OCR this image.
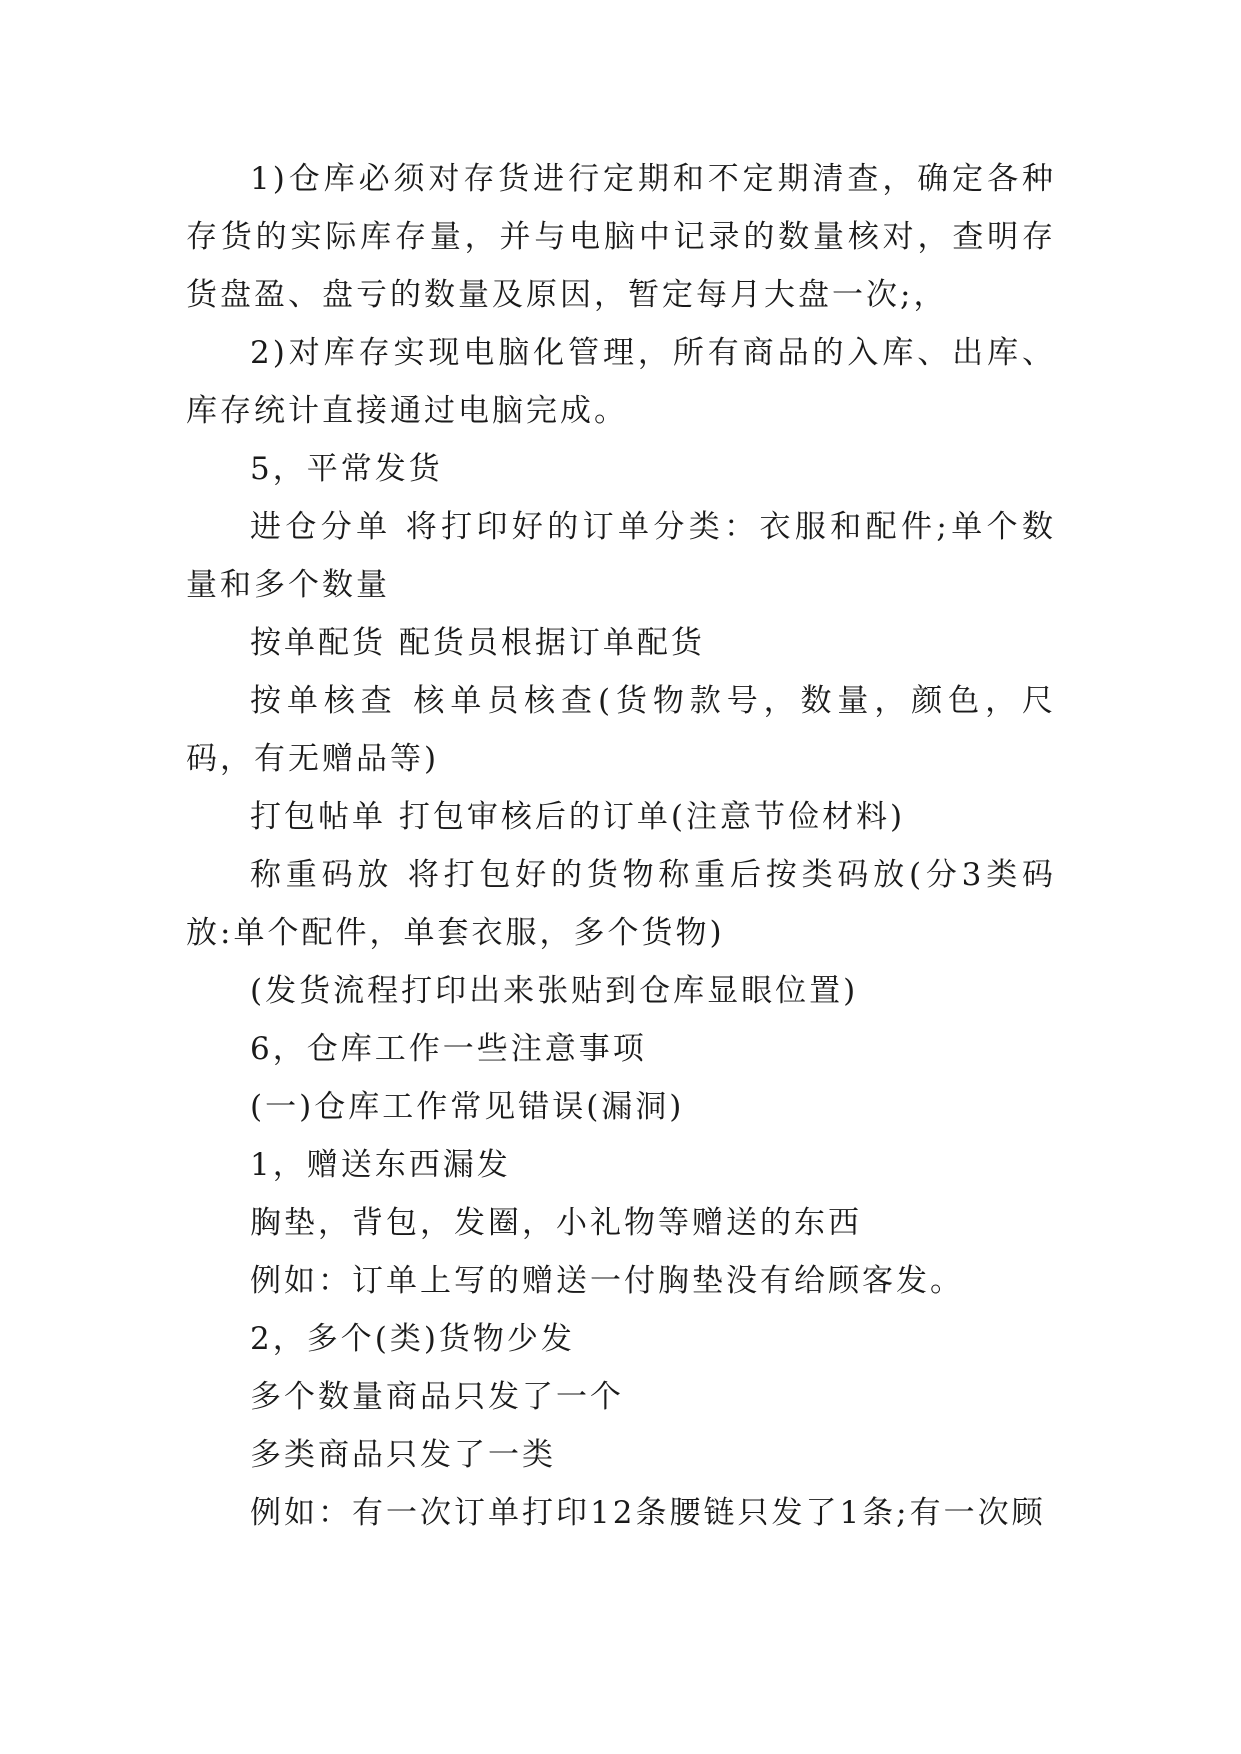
1)仓库必须对存货进行定期和不定期清查，确定各种存货的实际库存量，并与电脑中记录的数量核对，查明存货盘盈、盘亏的数量及原因，暂定每月大盘一次;，

2)对库存实现电脑化管理，所有商品的入库、出库、库存统计直接通过电脑完成。

5，平常发货

进仓分单 将打印好的订单分类：衣服和配件;单个数量和多个数量

按单配货 配货员根据订单配货

按单核查 核单员核查(货物款号，数量，颜色，尺码，有无赠品等)

打包帖单 打包审核后的订单(注意节俭材料)

称重码放 将打包好的货物称重后按类码放(分3类码放:单个配件，单套衣服，多个货物)

(发货流程打印出来张贴到仓库显眼位置)

6，仓库工作一些注意事项

(一)仓库工作常见错误(漏洞)

1，赠送东西漏发

胸垫，背包，发圈，小礼物等赠送的东西

例如：订单上写的赠送一付胸垫没有给顾客发。

2，多个(类)货物少发

多个数量商品只发了一个

多类商品只发了一类

例如：有一次订单打印12条腰链只发了1条;有一次顾
